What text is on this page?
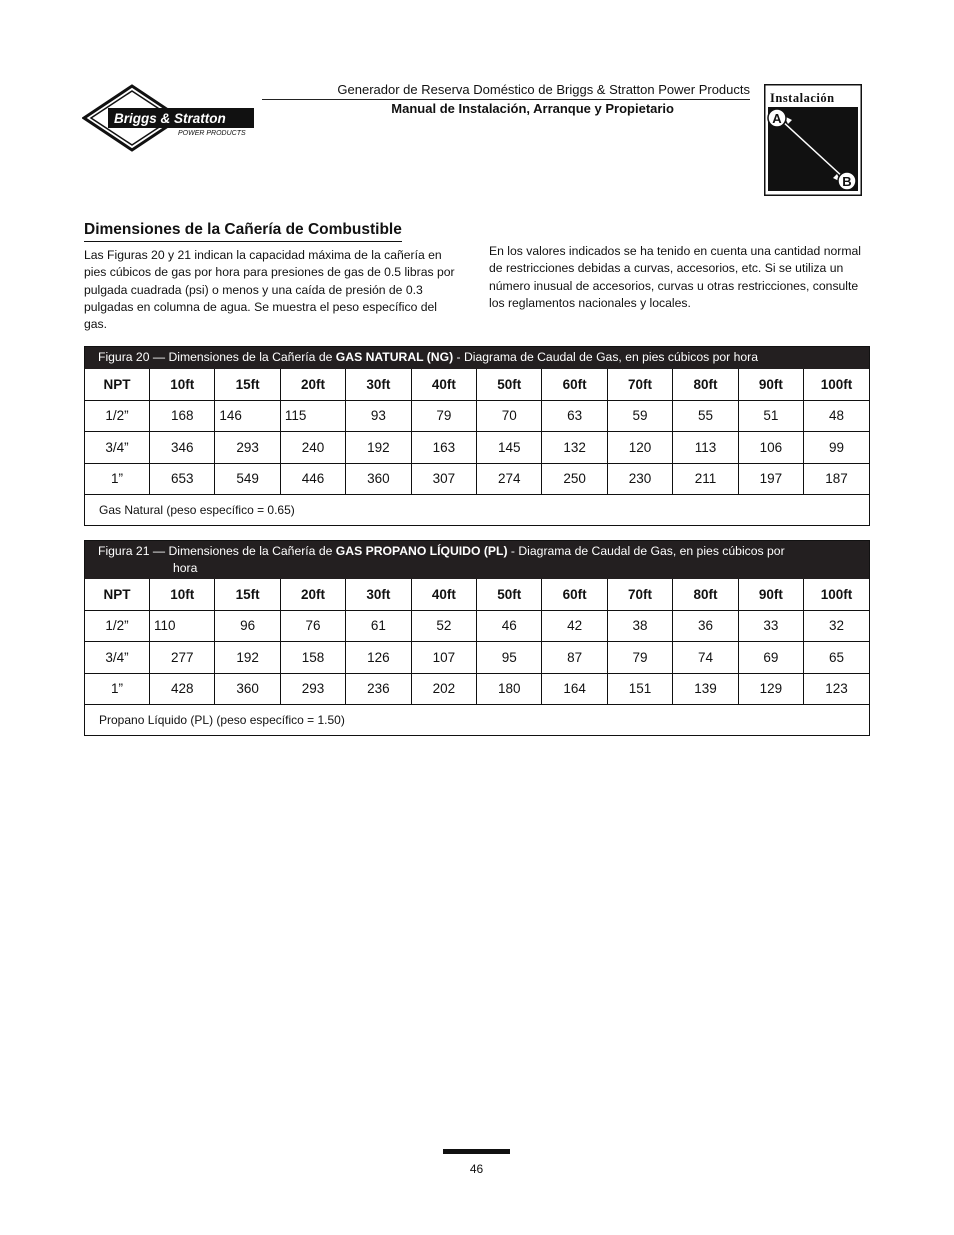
Briggs & Stratton
POWER PRODUCTS
Generador de Reserva Doméstico de Briggs & Stratton Power Products
Manual de Instalación, Arranque y Propietario
Instalación
A
B
Dimensiones de la Cañería de Combustible
Las Figuras 20 y 21 indican la capacidad máxima de la cañería en pies cúbicos de gas por hora para presiones de gas de 0.5 libras por pulgada cuadrada (psi) o menos y una caída de presión de 0.3 pulgadas en columna de agua. Se muestra el peso específico del gas.
En los valores indicados se ha tenido en cuenta una cantidad normal de restricciones debidas a curvas, accesorios, etc. Si se utiliza un número inusual de accesorios, curvas u otras restricciones, consulte los reglamentos nacionales y locales.
Figura 20 — Dimensiones de la Cañería de GAS NATURAL (NG) - Diagrama de Caudal de Gas, en pies cúbicos por hora
NPT	10ft	15ft	20ft	30ft	40ft	50ft	60ft	70ft	80ft	90ft	100ft
1/2”	168	146	115	93	79	70	63	59	55	51	48
3/4”	346	293	240	192	163	145	132	120	113	106	99
1”	653	549	446	360	307	274	250	230	211	197	187
Gas Natural (peso específico = 0.65)											
Figura 21 — Dimensiones de la Cañería de GAS PROPANO LÍQUIDO (PL) - Diagrama de Caudal de Gas, en pies cúbicos por
hora
NPT	10ft	15ft	20ft	30ft	40ft	50ft	60ft	70ft	80ft	90ft	100ft
1/2”	110	96	76	61	52	46	42	38	36	33	32
3/4”	277	192	158	126	107	95	87	79	74	69	65
1”	428	360	293	236	202	180	164	151	139	129	123
Propano Líquido (PL) (peso específico = 1.50)											
46
